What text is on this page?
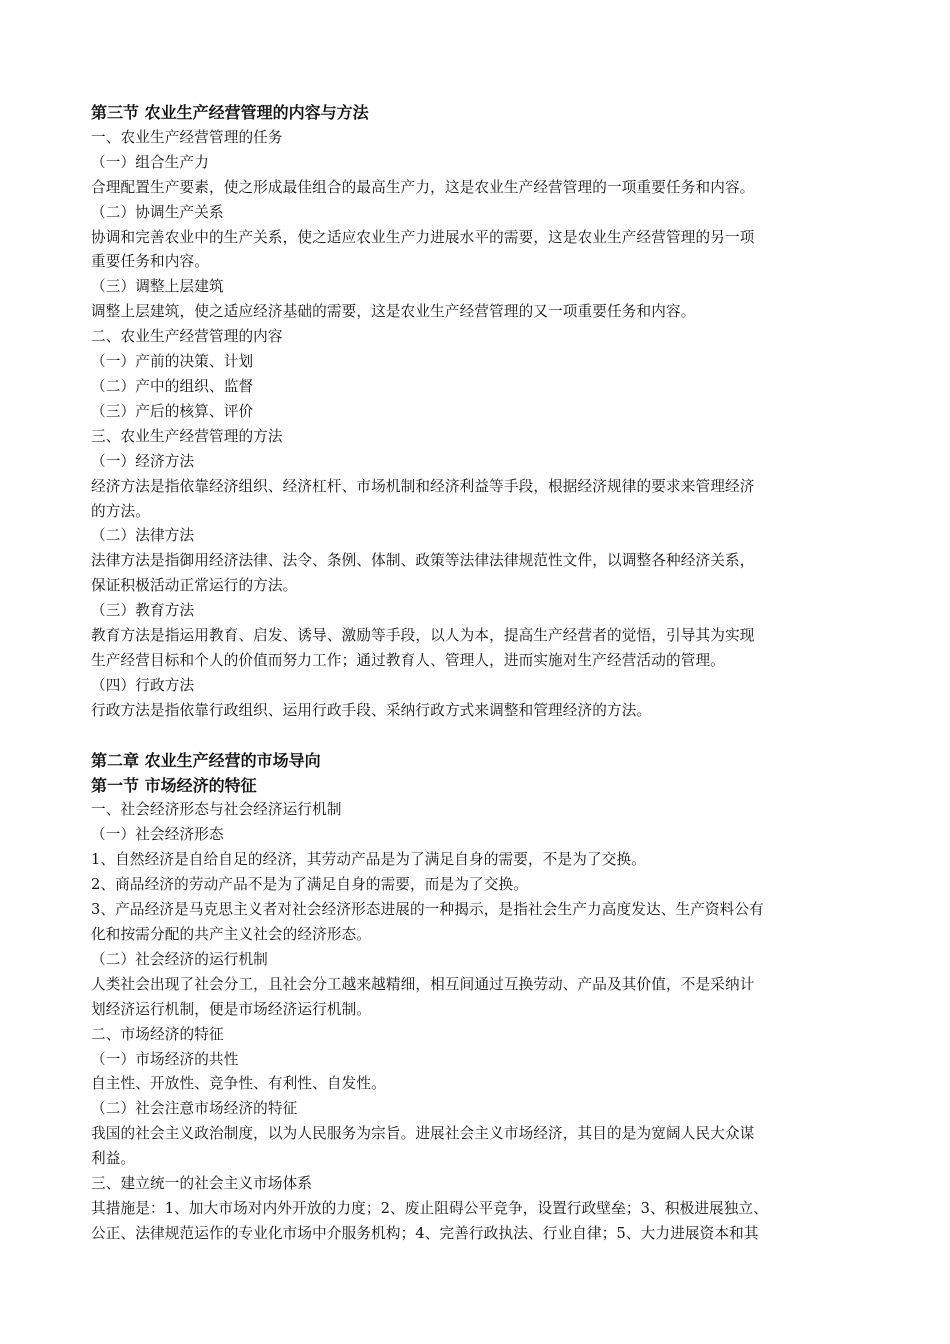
第三节 农业生产经营管理的内容与方法
一、农业生产经营管理的任务
（一）组合生产力
合理配置生产要素，使之形成最佳组合的最高生产力，这是农业生产经营管理的一项重要任务和内容。
（二）协调生产关系
协调和完善农业中的生产关系，使之适应农业生产力进展水平的需要，这是农业生产经营管理的另一项
重要任务和内容。
（三）调整上层建筑
调整上层建筑，使之适应经济基础的需要，这是农业生产经营管理的又一项重要任务和内容。
二、农业生产经营管理的内容
（一）产前的决策、计划
（二）产中的组织、监督
（三）产后的核算、评价
三、农业生产经营管理的方法
（一）经济方法
经济方法是指依靠经济组织、经济杠杆、市场机制和经济利益等手段，根据经济规律的要求来管理经济
的方法。
（二）法律方法
法律方法是指御用经济法律、法令、条例、体制、政策等法律法律规范性文件，以调整各种经济关系，
保证积极活动正常运行的方法。
（三）教育方法
教育方法是指运用教育、启发、诱导、激励等手段，以人为本，提高生产经营者的觉悟，引导其为实现
生产经营目标和个人的价值而努力工作；通过教育人、管理人，进而实施对生产经营活动的管理。
（四）行政方法
行政方法是指依靠行政组织、运用行政手段、采纳行政方式来调整和管理经济的方法。
第二章 农业生产经营的市场导向
第一节 市场经济的特征
一、社会经济形态与社会经济运行机制
（一）社会经济形态
1、自然经济是自给自足的经济，其劳动产品是为了满足自身的需要，不是为了交换。
2、商品经济的劳动产品不是为了满足自身的需要，而是为了交换。
3、产品经济是马克思主义者对社会经济形态进展的一种揭示，是指社会生产力高度发达、生产资料公有
化和按需分配的共产主义社会的经济形态。
（二）社会经济的运行机制
人类社会出现了社会分工，且社会分工越来越精细，相互间通过互换劳动、产品及其价值，不是采纳计
划经济运行机制，便是市场经济运行机制。
二、市场经济的特征
（一）市场经济的共性
自主性、开放性、竞争性、有利性、自发性。
（二）社会注意市场经济的特征
我国的社会主义政治制度，以为人民服务为宗旨。进展社会主义市场经济，其目的是为宽阔人民大众谋
利益。
三、建立统一的社会主义市场体系
其措施是：1、加大市场对内外开放的力度；2、废止阻碍公平竞争，设置行政壁垒；3、积极进展独立、
公正、法律规范运作的专业化市场中介服务机构；4、完善行政执法、行业自律；5、大力进展资本和其
